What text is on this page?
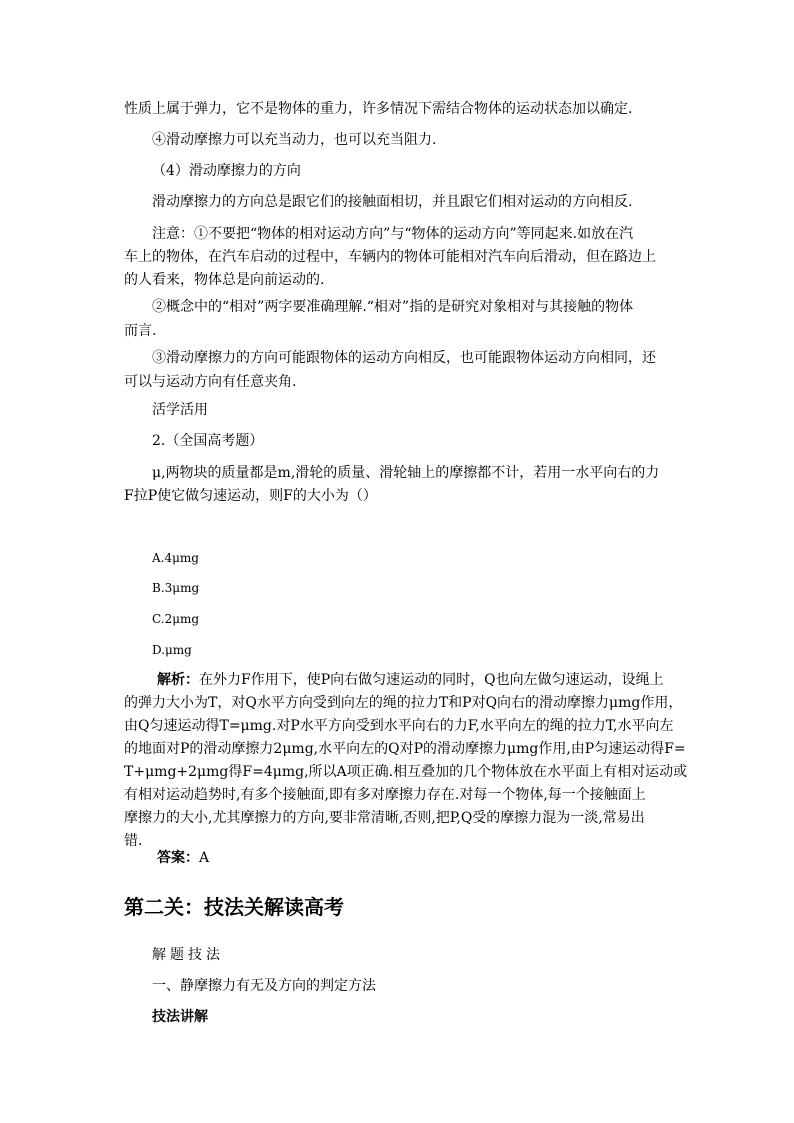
性质上属于弹力，它不是物体的重力，许多情况下需结合物体的运动状态加以确定.
④滑动摩擦力可以充当动力，也可以充当阻力.
（4）滑动摩擦力的方向
滑动摩擦力的方向总是跟它们的接触面相切，并且跟它们相对运动的方向相反.
注意：①不要把“物体的相对运动方向”与“物体的运动方向”等同起来.如放在汽
车上的物体，在汽车启动的过程中，车辆内的物体可能相对汽车向后滑动，但在路边上
的人看来，物体总是向前运动的.
②概念中的“相对”两字要准确理解.“相对”指的是研究对象相对与其接触的物体
而言.
③滑动摩擦力的方向可能跟物体的运动方向相反，也可能跟物体运动方向相同，还
可以与运动方向有任意夹角.
活学活用
2.（全国高考题）
μ,两物块的质量都是m,滑轮的质量、滑轮轴上的摩擦都不计，若用一水平向右的力
F拉P使它做匀速运动，则F的大小为（）
A.4μmg
B.3μmg
C.2μmg
D.μmg
解析：在外力F作用下，使P向右做匀速运动的同时，Q也向左做匀速运动，设绳上
的弹力大小为T，对Q水平方向受到向左的绳的拉力T和P对Q向右的滑动摩擦力μmg作用，
由Q匀速运动得T=μmg.对P水平方向受到水平向右的力F,水平向左的绳的拉力T,水平向左
的地面对P的滑动摩擦力2μmg,水平向左的Q对P的滑动摩擦力μmg作用,由P匀速运动得F=
T+μmg+2μmg得F=4μmg,所以A项正确.相互叠加的几个物体放在水平面上有相对运动或
有相对运动趋势时,有多个接触面,即有多对摩擦力存在.对每一个物体,每一个接触面上
摩擦力的大小,尤其摩擦力的方向,要非常清晰,否则,把P,Q受的摩擦力混为一淡,常易出
错.
答案：A
第二关：技法关解读高考
解题技法
一、静摩擦力有无及方向的判定方法
技法讲解
